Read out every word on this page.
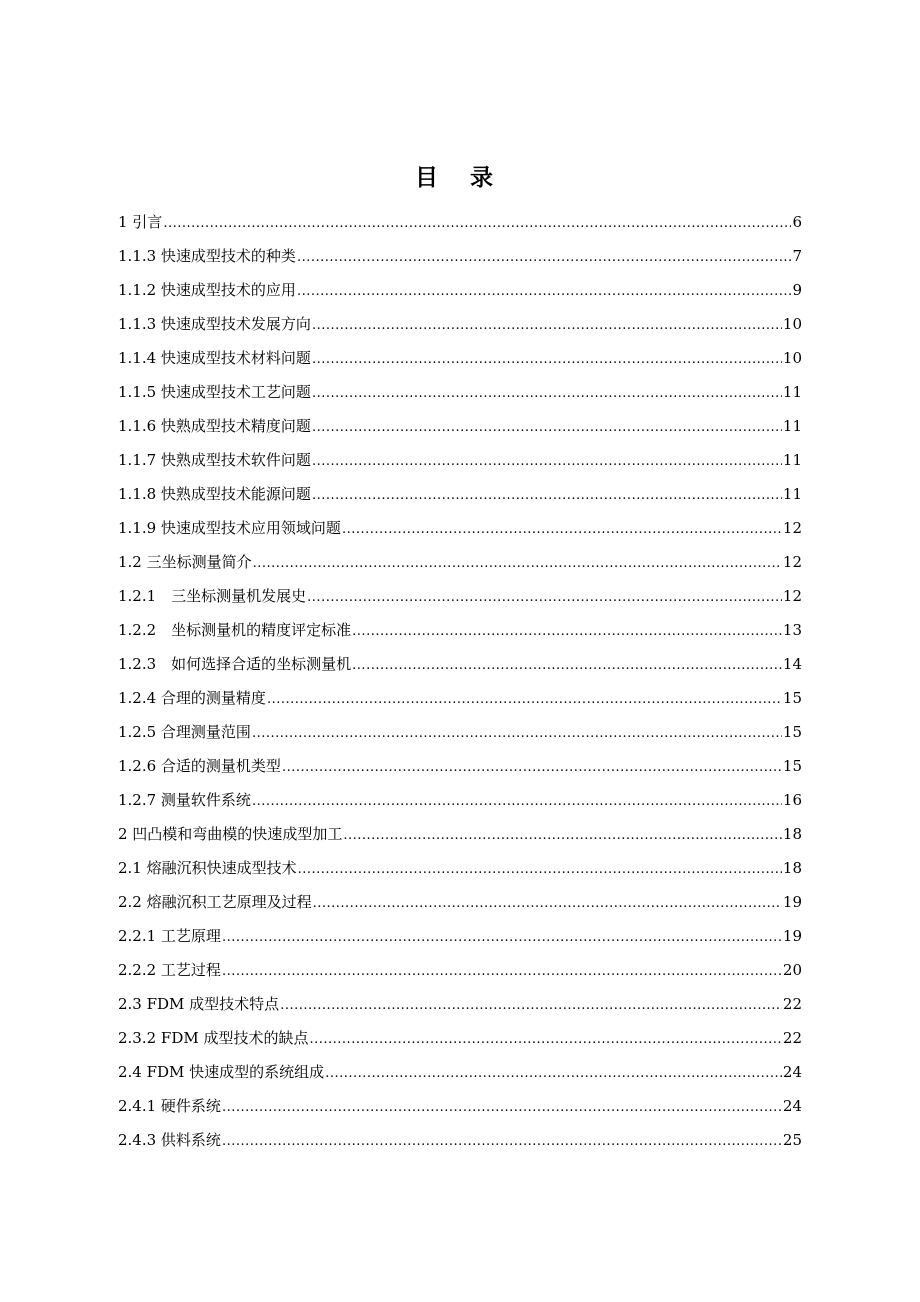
目 录
1 引言 .....	6
1.1.3 快速成型技术的种类 .....	7
1.1.2 快速成型技术的应用 .....	9
1.1.3 快速成型技术发展方向 .....	10
1.1.4 快速成型技术材料问题 .....	10
1.1.5 快速成型技术工艺问题 .....	11
1.1.6 快熟成型技术精度问题 .....	11
1.1.7 快熟成型技术软件问题 .....	11
1.1.8 快熟成型技术能源问题 .....	11
1.1.9 快速成型技术应用领域问题 .....	12
1.2 三坐标测量简介 .....	12
1.2.1　三坐标测量机发展史 .....	12
1.2.2　坐标测量机的精度评定标准 .....	13
1.2.3　如何选择合适的坐标测量机 .....	14
1.2.4 合理的测量精度 .....	15
1.2.5 合理测量范围 .....	15
1.2.6 合适的测量机类型 .....	15
1.2.7 测量软件系统 .....	16
2 凹凸模和弯曲模的快速成型加工 .....	18
2.1 熔融沉积快速成型技术 .....	18
2.2 熔融沉积工艺原理及过程 .....	19
2.2.1 工艺原理 .....	19
2.2.2 工艺过程 .....	20
2.3 FDM 成型技术特点 .....	22
2.3.2 FDM 成型技术的缺点 .....	22
2.4 FDM 快速成型的系统组成 .....	24
2.4.1 硬件系统 .....	24
2.4.3 供料系统 .....	25
